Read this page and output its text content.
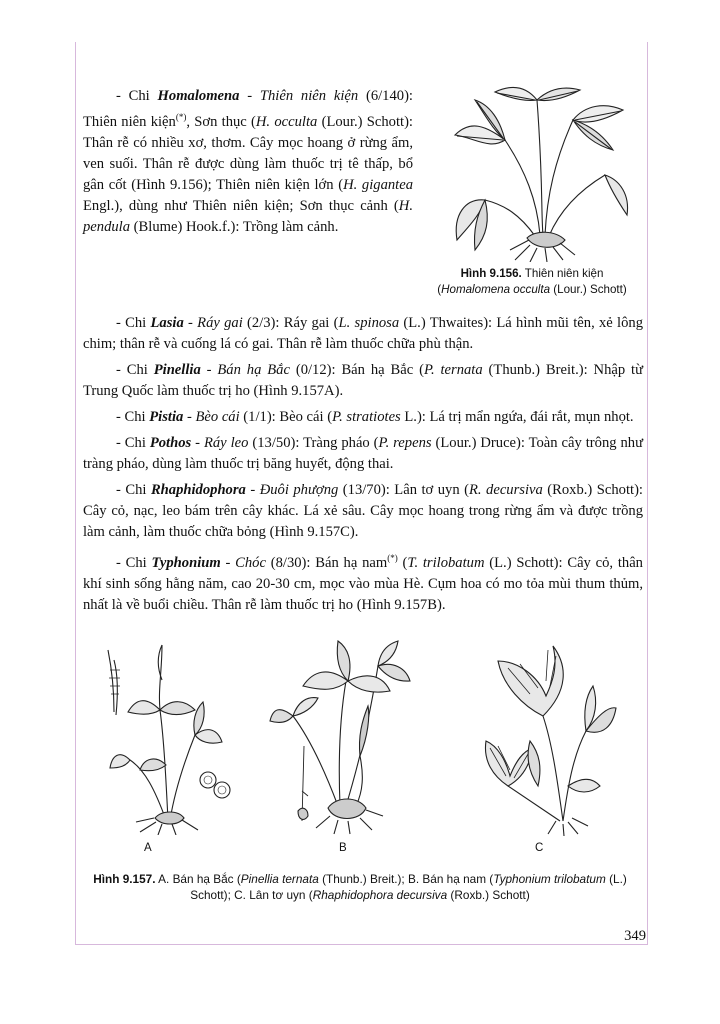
- Chi Homalomena - Thiên niên kiện (6/140): Thiên niên kiện(*), Sơn thục (H. occulta (Lour.) Schott): Thân rễ có nhiều xơ, thơm. Cây mọc hoang ở rừng ẩm, ven suối. Thân rễ được dùng làm thuốc trị tê thấp, bổ gân cốt (Hình 9.156); Thiên niên kiện lớn (H. gigantea Engl.), dùng như Thiên niên kiện; Sơn thục cảnh (H. pendula (Blume) Hook.f.): Trồng làm cảnh.

Hình 9.156. Thiên niên kiện
(Homalomena occulta (Lour.) Schott)

- Chi Lasia - Ráy gai (2/3): Ráy gai (L. spinosa (L.) Thwaites): Lá hình mũi tên, xẻ lông chim; thân rễ và cuống lá có gai. Thân rễ làm thuốc chữa phù thận.

- Chi Pinellia - Bán hạ Bắc (0/12): Bán hạ Bắc (P. ternata (Thunb.) Breit.): Nhập từ Trung Quốc làm thuốc trị ho (Hình 9.157A).

- Chi Pistia - Bèo cái (1/1): Bèo cái (P. stratiotes L.): Lá trị mẩn ngứa, đái rắt, mụn nhọt.

- Chi Pothos - Ráy leo (13/50): Tràng pháo (P. repens (Lour.) Druce): Toàn cây trông như tràng pháo, dùng làm thuốc trị băng huyết, động thai.

- Chi Rhaphidophora - Đuôi phượng (13/70): Lân tơ uyn (R. decursiva (Roxb.) Schott): Cây cỏ, nạc, leo bám trên cây khác. Lá xẻ sâu. Cây mọc hoang trong rừng ẩm và được trồng làm cảnh, làm thuốc chữa bỏng (Hình 9.157C).

- Chi Typhonium - Chóc (8/30): Bán hạ nam(*) (T. trilobatum (L.) Schott): Cây cỏ, thân khí sinh sống hằng năm, cao 20-30 cm, mọc vào mùa Hè. Cụm hoa có mo tỏa mùi thum thủm, nhất là về buổi chiều. Thân rễ làm thuốc trị ho (Hình 9.157B).

A	B	C
Hình 9.157. A. Bán hạ Bắc (Pinellia ternata (Thunb.) Breit.); B. Bán hạ nam (Typhonium trilobatum (L.) Schott); C. Lân tơ uyn (Rhaphidophora decursiva (Roxb.) Schott)
349
